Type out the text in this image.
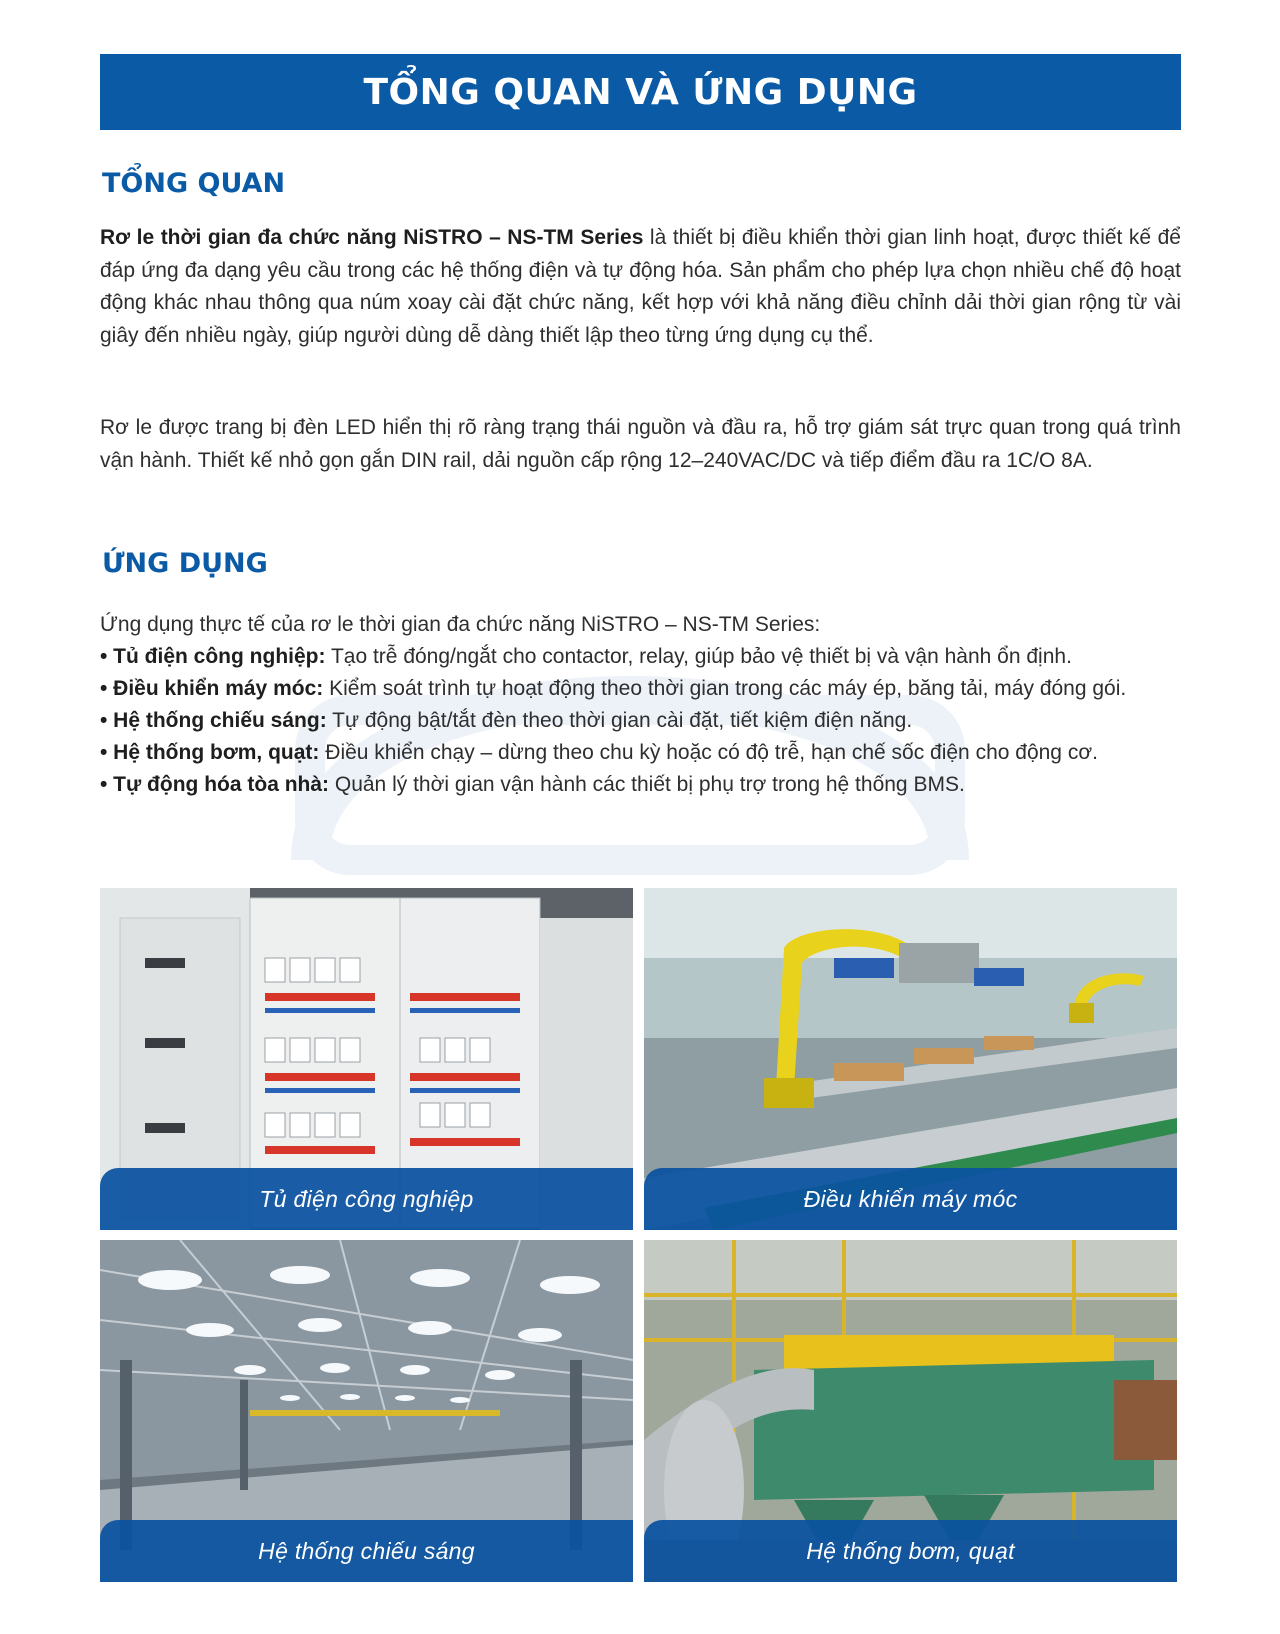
TỔNG QUAN VÀ ỨNG DỤNG
TỔNG QUAN

Rơ le thời gian đa chức năng NiSTRO – NS-TM Series là thiết bị điều khiển thời gian linh hoạt, được thiết kế để đáp ứng đa dạng yêu cầu trong các hệ thống điện và tự động hóa. Sản phẩm cho phép lựa chọn nhiều chế độ hoạt động khác nhau thông qua núm xoay cài đặt chức năng, kết hợp với khả năng điều chỉnh dải thời gian rộng từ vài giây đến nhiều ngày, giúp người dùng dễ dàng thiết lập theo từng ứng dụng cụ thể.

Rơ le được trang bị đèn LED hiển thị rõ ràng trạng thái nguồn và đầu ra, hỗ trợ giám sát trực quan trong quá trình vận hành. Thiết kế nhỏ gọn gắn DIN rail, dải nguồn cấp rộng 12–240VAC/DC và tiếp điểm đầu ra 1C/O 8A.

ỨNG DỤNG
Ứng dụng thực tế của rơ le thời gian đa chức năng NiSTRO – NS-TM Series:
• Tủ điện công nghiệp: Tạo trễ đóng/ngắt cho contactor, relay, giúp bảo vệ thiết bị và vận hành ổn định.
• Điều khiển máy móc: Kiểm soát trình tự hoạt động theo thời gian trong các máy ép, băng tải, máy đóng gói.
• Hệ thống chiếu sáng: Tự động bật/tắt đèn theo thời gian cài đặt, tiết kiệm điện năng.
• Hệ thống bơm, quạt: Điều khiển chạy – dừng theo chu kỳ hoặc có độ trễ, hạn chế sốc điện cho động cơ.
• Tự động hóa tòa nhà: Quản lý thời gian vận hành các thiết bị phụ trợ trong hệ thống BMS.
Tủ điện công nghiệp	Điều khiển máy móc
Hệ thống chiếu sáng	Hệ thống bơm, quạt
